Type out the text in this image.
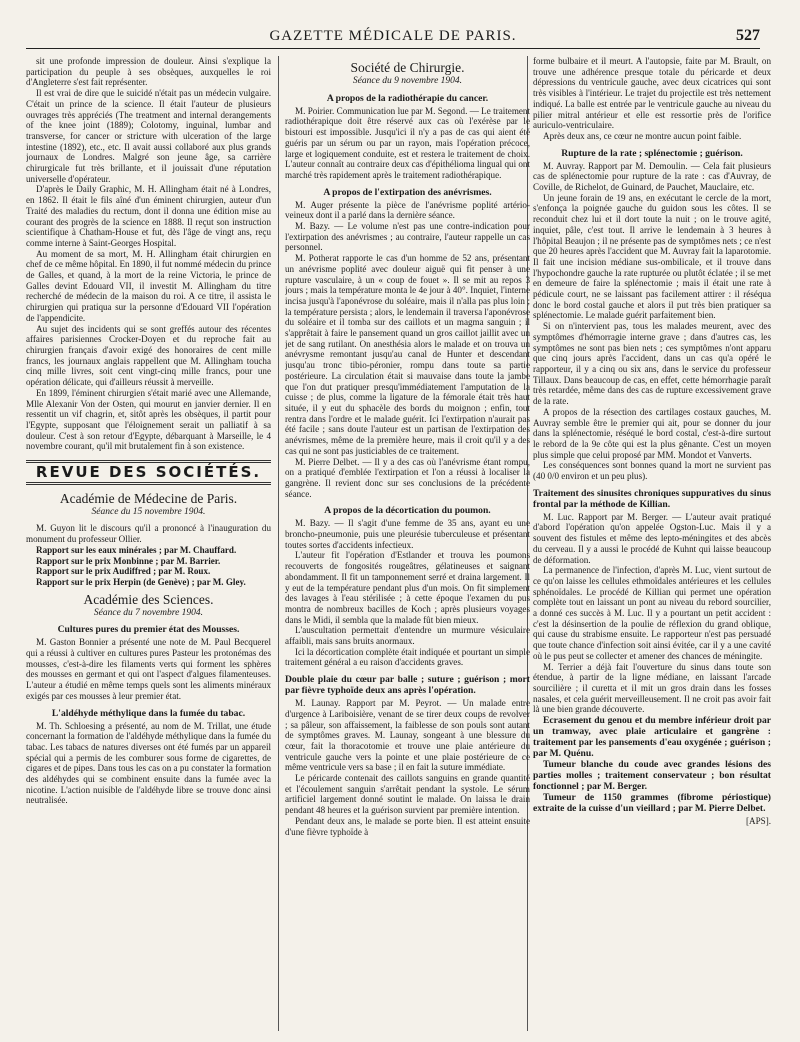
GAZETTE MÉDICALE DE PARIS.	527

sit une profonde impression de douleur. Ainsi s'explique la participation du peuple à ses obsèques, auxquelles le roi d'Angleterre s'est fait représenter.

Il est vrai de dire que le suicidé n'était pas un médecin vulgaire. C'était un prince de la science. Il était l'auteur de plusieurs ouvrages très appréciés (The treatment and internal derangements of the knee joint (1889); Colotomy, inguinal, lumbar and transverse, for cancer or stricture with ulceration of the large intestine (1892), etc., etc. Il avait aussi collaboré aux plus grands journaux de Londres. Malgré son jeune âge, sa carrière chirurgicale fut très brillante, et il jouissait d'une réputation universelle d'opérateur.

D'après le Daily Graphic, M. H. Allingham était né à Londres, en 1862. Il était le fils aîné d'un éminent chirurgien, auteur d'un Traité des maladies du rectum, dont il donna une édition mise au courant des progrès de la science en 1888. Il reçut son instruction scientifique à Chatham-House et fut, dès l'âge de vingt ans, reçu comme interne à Saint-Georges Hospital.

Au moment de sa mort, M. H. Allingham était chirurgien en chef de ce même hôpital. En 1890, il fut nommé médecin du prince de Galles, et quand, à la mort de la reine Victoria, le prince de Galles devint Edouard VII, il investit M. Allingham du titre recherché de médecin de la maison du roi. A ce titre, il assista le chirurgien qui pratiqua sur la personne d'Edouard VII l'opération de l'appendicite.

Au sujet des incidents qui se sont greffés autour des récentes affaires parisiennes Crocker-Doyen et du reproche fait au chirurgien français d'avoir exigé des honoraires de cent mille francs, les journaux anglais rappellent que M. Allingham toucha cinq mille livres, soit cent vingt-cinq mille francs, pour une opération délicate, qui d'ailleurs réussit à merveille.

En 1899, l'éminent chirurgien s'était marié avec une Allemande, Mlle Alexanir Von der Osten, qui mourut en janvier dernier. Il en ressentit un vif chagrin, et, sitôt après les obsèques, il partit pour l'Egypte, supposant que l'éloignement serait un palliatif à sa douleur. C'est à son retour d'Egypte, débarquant à Marseille, le 4 novembre courant, qu'il mit brutalement fin à son existence.

REVUE DES SOCIÉTÉS.
Académie de Médecine de Paris.
Séance du 15 novembre 1904.

M. Guyon lit le discours qu'il a prononcé à l'inauguration du monument du professeur Ollier.

Rapport sur les eaux minérales ; par M. Chauffard.

Rapport sur le prix Monbinne ; par M. Barrier.

Rapport sur le prix Audiffred ; par M. Roux.

Rapport sur le prix Herpin (de Genève) ; par M. Gley.

Académie des Sciences.
Séance du 7 novembre 1904.
Cultures pures du premier état des Mousses.

M. Gaston Bonnier a présenté une note de M. Paul Becquerel qui a réussi à cultiver en cultures pures Pasteur les protonémas des mousses, c'est-à-dire les filaments verts qui forment les sphères des mousses en germant et qui ont l'aspect d'algues filamenteuses. L'auteur a étudié en même temps quels sont les aliments minéraux exigés par ces mousses à leur premier état.

L'aldéhyde méthylique dans la fumée du tabac.

M. Th. Schloesing a présenté, au nom de M. Trillat, une étude concernant la formation de l'aldéhyde méthylique dans la fumée du tabac. Les tabacs de natures diverses ont été fumés par un appareil spécial qui a permis de les comburer sous forme de cigarettes, de cigares et de pipes. Dans tous les cas on a pu constater la formation des aldéhydes qui se combinent ensuite dans la fumée avec la nicotine. L'action nuisible de l'aldéhyde libre se trouve donc ainsi neutralisée.

Société de Chirurgie.
Séance du 9 novembre 1904.
A propos de la radiothérapie du cancer.

M. Poirier. Communication lue par M. Segond. — Le traitement radiothérapique doit être réservé aux cas où l'exérèse par le bistouri est impossible. Jusqu'ici il n'y a pas de cas qui aient été guéris par un sérum ou par un rayon, mais l'opération précoce, large et logiquement conduite, est et restera le traitement de choix. L'auteur connaît au contraire deux cas d'épithélioma lingual qui ont marché très rapidement après le traitement radiothérapique.

A propos de l'extirpation des anévrismes.

M. Auger présente la pièce de l'anévrisme poplité artério-veineux dont il a parlé dans la dernière séance.

M. Bazy. — Le volume n'est pas une contre-indication pour l'extirpation des anévrismes ; au contraire, l'auteur rappelle un cas personnel.

M. Potherat rapporte le cas d'un homme de 52 ans, présentant un anévrisme poplité avec douleur aiguë qui fit penser à une rupture vasculaire, à un « coup de fouet ». Il se mit au repos 3 jours ; mais la température monta le 4e jour à 40°. Inquiet, l'interne incisa jusqu'à l'aponévrose du soléaire, mais il n'alla pas plus loin ; la température persista ; alors, le lendemain il traversa l'aponévrose du soléaire et il tomba sur des caillots et un magma sanguin ; il s'apprêtait à faire le pansement quand un gros caillot jaillit avec un jet de sang rutilant. On anesthésia alors le malade et on trouva un anévrysme remontant jusqu'au canal de Hunter et descendant jusqu'au tronc tibio-péronier, rompu dans toute sa partie postérieure. La circulation était si mauvaise dans toute la jambe que l'on dut pratiquer presqu'immédiatement l'amputation de la cuisse ; de plus, comme la ligature de la fémorale était très haut située, il y eut du sphacèle des bords du moignon ; enfin, tout rentra dans l'ordre et le malade guérit. Ici l'extirpation n'aurait pas été facile ; sans doute l'auteur est un partisan de l'extirpation des anévrismes, même de la première heure, mais il croit qu'il y a des cas qui ne sont pas justiciables de ce traitement.

M. Pierre Delbet. — Il y a des cas où l'anévrisme étant rompu, on a pratiqué d'emblée l'extirpation et l'on a réussi à localiser la gangrène. Il revient donc sur ses conclusions de la précédente séance.

A propos de la décortication du poumon.

M. Bazy. — Il s'agit d'une femme de 35 ans, ayant eu une broncho-pneumonie, puis une pleurésie tuberculeuse et présentant toutes sortes d'accidents infectieux.

L'auteur fit l'opération d'Estlander et trouva les poumons recouverts de fongosités rougeâtres, gélatineuses et saignant abondamment. Il fit un tamponnement serré et draina largement. Il y eut de la température pendant plus d'un mois. On fit simplement des lavages à l'eau stérilisée ; à cette époque l'examen du pus montra de nombreux bacilles de Koch ; après plusieurs voyages dans le Midi, il sembla que la malade fût bien mieux.

L'auscultation permettait d'entendre un murmure vésiculaire affaibli, mais sans bruits anormaux.

Ici la décortication complète était indiquée et pourtant un simple traitement général a eu raison d'accidents graves.

Double plaie du cœur par balle ; suture ; guérison ; mort par fièvre typhoïde deux ans après l'opération.

M. Launay. Rapport par M. Peyrot. — Un malade entre d'urgence à Lariboisière, venant de se tirer deux coups de revolver ; sa pâleur, son affaissement, la faiblesse de son pouls sont autant de symptômes graves. M. Launay, songeant à une blessure du cœur, fait la thoracotomie et trouve une plaie antérieure du ventricule gauche vers la pointe et une plaie postérieure de ce même ventricule vers sa base ; il en fait la suture immédiate.

Le péricarde contenait des caillots sanguins en grande quantité et l'écoulement sanguin s'arrêtait pendant la systole. Le sérum artificiel largement donné soutint le malade. On laissa le drain pendant 48 heures et la guérison survient par première intention.

Pendant deux ans, le malade se porte bien. Il est atteint ensuite d'une fièvre typhoïde à

forme bulbaire et il meurt. A l'autopsie, faite par M. Brault, on trouve une adhérence presque totale du péricarde et deux dépressions du ventricule gauche, avec deux cicatrices qui sont très visibles à l'intérieur. Le trajet du projectile est très nettement indiqué. La balle est entrée par le ventricule gauche au niveau du pilier mitral antérieur et elle est ressortie près de l'orifice auriculo-ventriculaire.

Après deux ans, ce cœur ne montre aucun point faible.

Rupture de la rate ; splénectomie ; guérison.

M. Auvray. Rapport par M. Demoulin. — Cela fait plusieurs cas de splénectomie pour rupture de la rate : cas d'Auvray, de Coville, de Richelot, de Guinard, de Pauchet, Mauclaire, etc.

Un jeune forain de 19 ans, en exécutant le cercle de la mort, s'enfonça la poignée gauche du guidon sous les côtes. Il se reconduit chez lui et il dort toute la nuit ; on le trouve agité, inquiet, pâle, c'est tout. Il arrive le lendemain à 3 heures à l'hôpital Beaujon ; il ne présente pas de symptômes nets ; ce n'est que 20 heures après l'accident que M. Auvray fait la laparotomie. Il fait une incision médiane sus-ombilicale, et il trouve dans l'hypochondre gauche la rate rupturée ou plutôt éclatée ; il se met en demeure de faire la splénectomie ; mais il était une rate à pédicule court, ne se laissant pas facilement attirer : il réséqua donc le bord costal gauche et alors il put très bien pratiquer sa splénectomie. Le malade guérit parfaitement bien.

Si on n'intervient pas, tous les malades meurent, avec des symptômes d'hémorragie interne grave ; dans d'autres cas, les symptômes ne sont pas bien nets ; ces symptômes n'ont apparu que cinq jours après l'accident, dans un cas qu'a opéré le rapporteur, il y a cinq ou six ans, dans le service du professeur Tillaux. Dans beaucoup de cas, en effet, cette hémorrhagie paraît très retardée, même dans des cas de rupture excessivement grave de la rate.

A propos de la résection des cartilages costaux gauches, M. Auvray semble être le premier qui ait, pour se donner du jour dans la splénectomie, réséqué le bord costal, c'est-à-dire surtout le rebord de la 9e côte qui est la plus gênante. C'est un moyen plus simple que celui proposé par MM. Mondot et Vanverts.

Les conséquences sont bonnes quand la mort ne survient pas (40 0/0 environ et un peu plus).

Traitement des sinusites chroniques suppuratives du sinus frontal par la méthode de Killian.

M. Luc. Rapport par M. Berger. — L'auteur avait pratiqué d'abord l'opération qu'on appelée Ogston-Luc. Mais il y a souvent des fistules et même des lepto-méningites et des abcès du cerveau. Il y a aussi le procédé de Kuhnt qui laisse beaucoup de déformation.

La permanence de l'infection, d'après M. Luc, vient surtout de ce qu'on laisse les cellules ethmoïdales antérieures et les cellules sphénoïdales. Le procédé de Killian qui permet une opération complète tout en laissant un pont au niveau du rebord sourcilier, a donné ces succès à M. Luc. Il y a pourtant un petit accident : c'est la désinsertion de la poulie de réflexion du grand oblique, qui cause du strabisme ensuite. Le rapporteur n'est pas persuadé que toute chance d'infection soit ainsi évitée, car il y a une cavité où le pus peut se collecter et amener des chances de méningite.

M. Terrier a déjà fait l'ouverture du sinus dans toute son étendue, à partir de la ligne médiane, en laissant l'arcade sourcilière ; il curetta et il mit un gros drain dans les fosses nasales, et cela guérit merveilleusement. Il ne croit pas avoir fait là une bien grande découverte.

Ecrasement du genou et du membre inférieur droit par un tramway, avec plaie articulaire et gangrène : traitement par les pansements d'eau oxygénée ; guérison ; par M. Quénu.

Tumeur blanche du coude avec grandes lésions des parties molles ; traitement conservateur ; bon résultat fonctionnel ; par M. Berger.

Tumeur de 1150 grammes (fibrome périostique) extraite de la cuisse d'un vieillard ; par M. Pierre Delbet.

[APS].
